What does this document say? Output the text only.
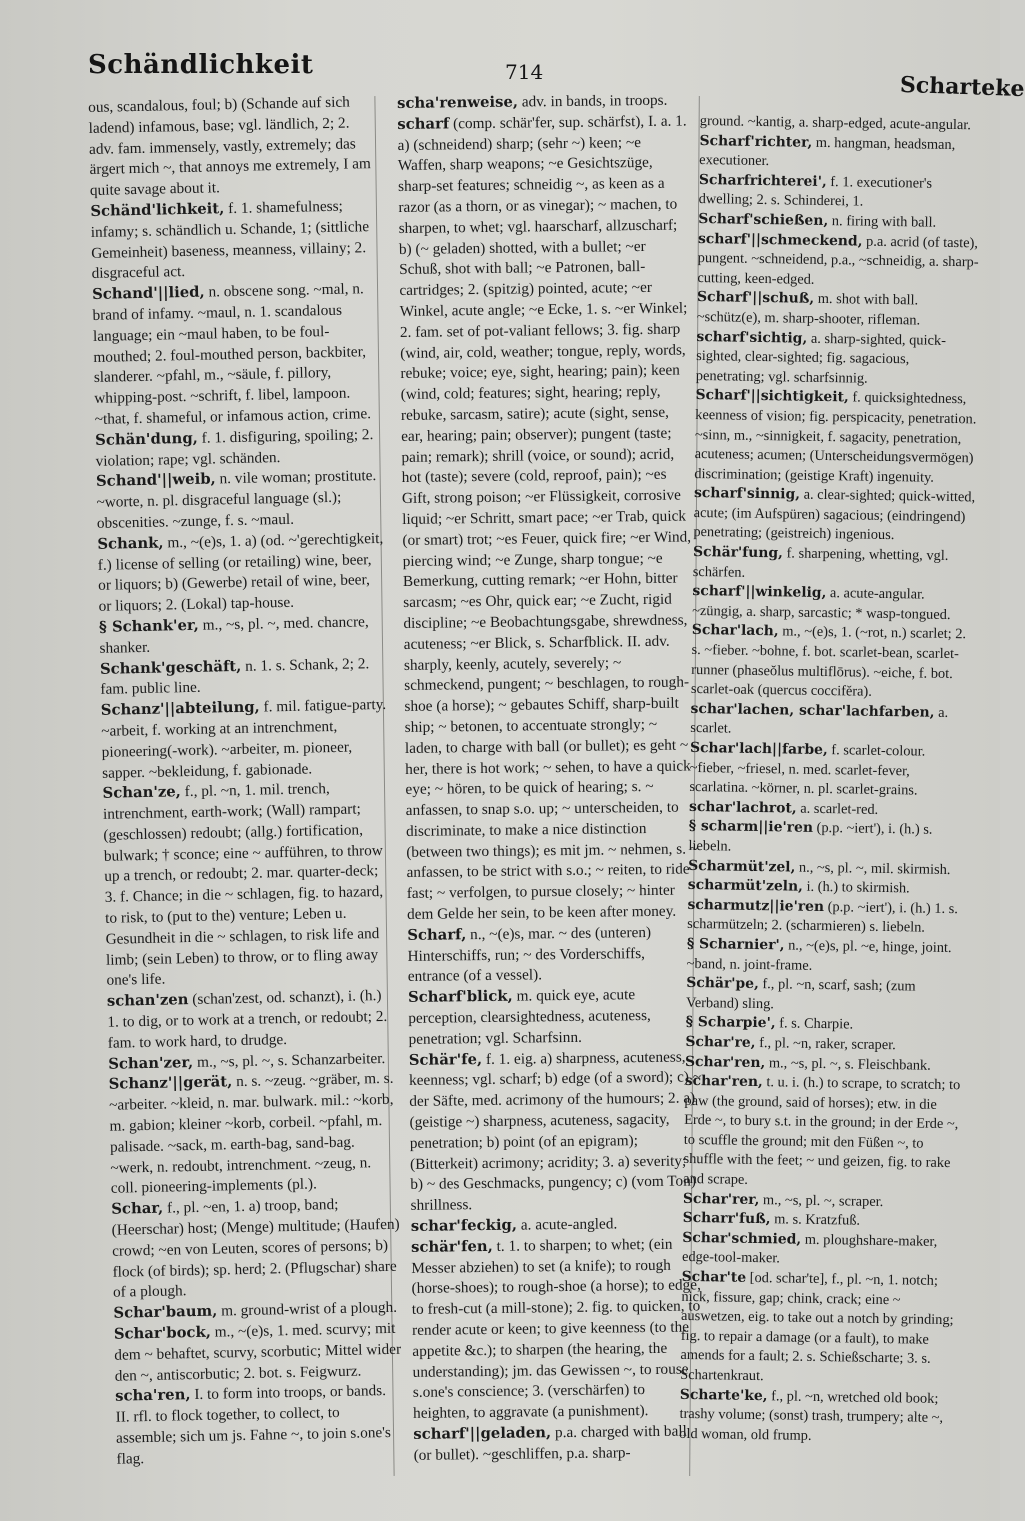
Schändlichkeit	714	Scharteke

ous, scandalous, foul; b) (Schande auf sich ladend) infamous, base; vgl. ländlich, 2; 2. adv. fam. immensely, vastly, extremely; das ärgert mich ~, that annoys me extremely, I am quite savage about it.

Schänd'lichkeit, f. 1. shamefulness; infamy; s. schändlich u. Schande, 1; (sittliche Gemeinheit) baseness, meanness, villainy; 2. disgraceful act.

Schand'||lied, n. obscene song. ~mal, n. brand of infamy. ~maul, n. 1. scandalous language; ein ~maul haben, to be foul-mouthed; 2. foul-mouthed person, backbiter, slanderer. ~pfahl, m., ~säule, f. pillory, whipping-post. ~schrift, f. libel, lampoon. ~that, f. shameful, or infamous action, crime.

Schän'dung, f. 1. disfiguring, spoiling; 2. violation; rape; vgl. schänden.

Schand'||weib, n. vile woman; prostitute. ~worte, n. pl. disgraceful language (sl.); obscenities. ~zunge, f. s. ~maul.

Schank, m., ~(e)s, 1. a) (od. ~'gerechtigkeit, f.) license of selling (or retailing) wine, beer, or liquors; b) (Gewerbe) retail of wine, beer, or liquors; 2. (Lokal) tap-house.

§ Schank'er, m., ~s, pl. ~, med. chancre, shanker.

Schank'geschäft, n. 1. s. Schank, 2; 2. fam. public line.

Schanz'||abteilung, f. mil. fatigue-party. ~arbeit, f. working at an intrenchment, pioneering(-work). ~arbeiter, m. pioneer, sapper. ~bekleidung, f. gabionade.

Schan'ze, f., pl. ~n, 1. mil. trench, intrenchment, earth-work; (Wall) rampart; (geschlossen) redoubt; (allg.) fortification, bulwark; † sconce; eine ~ aufführen, to throw up a trench, or redoubt; 2. mar. quarter-deck; 3. f. Chance; in die ~ schlagen, fig. to hazard, to risk, to (put to the) venture; Leben u. Gesundheit in die ~ schlagen, to risk life and limb; (sein Leben) to throw, or to fling away one's life.

schan'zen (schan'zest, od. schanzt), i. (h.) 1. to dig, or to work at a trench, or redoubt; 2. fam. to work hard, to drudge.

Schan'zer, m., ~s, pl. ~, s. Schanzarbeiter.

Schanz'||gerät, n. s. ~zeug. ~gräber, m. s. ~arbeiter. ~kleid, n. mar. bulwark. mil.: ~korb, m. gabion; kleiner ~korb, corbeil. ~pfahl, m. palisade. ~sack, m. earth-bag, sand-bag. ~werk, n. redoubt, intrenchment. ~zeug, n. coll. pioneering-implements (pl.).

Schar, f., pl. ~en, 1. a) troop, band; (Heerschar) host; (Menge) multitude; (Haufen) crowd; ~en von Leuten, scores of persons; b) flock (of birds); sp. herd; 2. (Pflugschar) share of a plough.

Schar'baum, m. ground-wrist of a plough.

Schar'bock, m., ~(e)s, 1. med. scurvy; mit dem ~ behaftet, scurvy, scorbutic; Mittel wider den ~, antiscorbutic; 2. bot. s. Feigwurz.

scha'ren, I. to form into troops, or bands. II. rfl. to flock together, to collect, to assemble; sich um js. Fahne ~, to join s.one's flag.

scha'renweise, adv. in bands, in troops.

scharf (comp. schär'fer, sup. schärfst), I. a. 1. a) (schneidend) sharp; (sehr ~) keen; ~e Waffen, sharp weapons; ~e Gesichtszüge, sharp-set features; schneidig ~, as keen as a razor (as a thorn, or as vinegar); ~ machen, to sharpen, to whet; vgl. haarscharf, allzuscharf; b) (~ geladen) shotted, with a bullet; ~er Schuß, shot with ball; ~e Patronen, ball-cartridges; 2. (spitzig) pointed, acute; ~er Winkel, acute angle; ~e Ecke, 1. s. ~er Winkel; 2. fam. set of pot-valiant fellows; 3. fig. sharp (wind, air, cold, weather; tongue, reply, words, rebuke; voice; eye, sight, hearing; pain); keen (wind, cold; features; sight, hearing; reply, rebuke, sarcasm, satire); acute (sight, sense, ear, hearing; pain; observer); pungent (taste; pain; remark); shrill (voice, or sound); acrid, hot (taste); severe (cold, reproof, pain); ~es Gift, strong poison; ~er Flüssigkeit, corrosive liquid; ~er Schritt, smart pace; ~er Trab, quick (or smart) trot; ~es Feuer, quick fire; ~er Wind, piercing wind; ~e Zunge, sharp tongue; ~e Bemerkung, cutting remark; ~er Hohn, bitter sarcasm; ~es Ohr, quick ear; ~e Zucht, rigid discipline; ~e Beobachtungsgabe, shrewdness, acuteness; ~er Blick, s. Scharfblick. II. adv. sharply, keenly, acutely, severely; ~ schmeckend, pungent; ~ beschlagen, to rough-shoe (a horse); ~ gebautes Schiff, sharp-built ship; ~ betonen, to accentuate strongly; ~ laden, to charge with ball (or bullet); es geht ~ her, there is hot work; ~ sehen, to have a quick eye; ~ hören, to be quick of hearing; s. ~ anfassen, to snap s.o. up; ~ unterscheiden, to discriminate, to make a nice distinction (between two things); es mit jm. ~ nehmen, s. ~ anfassen, to be strict with s.o.; ~ reiten, to ride fast; ~ verfolgen, to pursue closely; ~ hinter dem Gelde her sein, to be keen after money.

Scharf, n., ~(e)s, mar. ~ des (unteren) Hinterschiffs, run; ~ des Vorderschiffs, entrance (of a vessel).

Scharf'blick, m. quick eye, acute perception, clearsightedness, acuteness, penetration; vgl. Scharfsinn.

Schär'fe, f. 1. eig. a) sharpness, acuteness, keenness; vgl. scharf; b) edge (of a sword); c) ~ der Säfte, med. acrimony of the humours; 2. a) (geistige ~) sharpness, acuteness, sagacity, penetration; b) point (of an epigram); (Bitterkeit) acrimony; acridity; 3. a) severity; b) ~ des Geschmacks, pungency; c) (vom Ton) shrillness.

schar'feckig, a. acute-angled.

schär'fen, t. 1. to sharpen; to whet; (ein Messer abziehen) to set (a knife); to rough (horse-shoes); to rough-shoe (a horse); to edge, to fresh-cut (a mill-stone); 2. fig. to quicken, to render acute or keen; to give keenness (to the appetite &c.); to sharpen (the hearing, the understanding); jm. das Gewissen ~, to rouse s.one's conscience; 3. (verschärfen) to heighten, to aggravate (a punishment).

scharf'||geladen, p.a. charged with ball (or bullet). ~geschliffen, p.a. sharp-

ground. ~kantig, a. sharp-edged, acute-angular.

Scharf'richter, m. hangman, headsman, executioner.

Scharfrichterei', f. 1. executioner's dwelling; 2. s. Schinderei, 1.

Scharf'schießen, n. firing with ball.

scharf'||schmeckend, p.a. acrid (of taste), pungent. ~schneidend, p.a., ~schneidig, a. sharp-cutting, keen-edged.

Scharf'||schuß, m. shot with ball. ~schütz(e), m. sharp-shooter, rifleman.

scharf'sichtig, a. sharp-sighted, quick-sighted, clear-sighted; fig. sagacious, penetrating; vgl. scharfsinnig.

Scharf'||sichtigkeit, f. quicksightedness, keenness of vision; fig. perspicacity, penetration. ~sinn, m., ~sinnigkeit, f. sagacity, penetration, acuteness; acumen; (Unterscheidungsvermögen) discrimination; (geistige Kraft) ingenuity.

scharf'sinnig, a. clear-sighted; quick-witted, acute; (im Aufspüren) sagacious; (eindringend) penetrating; (geistreich) ingenious.

Schär'fung, f. sharpening, whetting, vgl. schärfen.

scharf'||winkelig, a. acute-angular. ~züngig, a. sharp, sarcastic; * wasp-tongued.

Schar'lach, m., ~(e)s, 1. (~rot, n.) scarlet; 2. s. ~fieber. ~bohne, f. bot. scarlet-bean, scarlet-runner (phaseŏlus multiflōrus). ~eiche, f. bot. scarlet-oak (quercus coccifĕra).

schar'lachen, schar'lachfarben, a. scarlet.

Schar'lach||farbe, f. scarlet-colour. ~fieber, ~friesel, n. med. scarlet-fever, scarlatina. ~körner, n. pl. scarlet-grains.

schar'lachrot, a. scarlet-red.

§ scharm||ie'ren (p.p. ~iert'), i. (h.) s. liebeln.

Scharmüt'zel, n., ~s, pl. ~, mil. skirmish.

scharmüt'zeln, i. (h.) to skirmish.

scharmutz||ie'ren (p.p. ~iert'), i. (h.) 1. s. scharmützeln; 2. (scharmieren) s. liebeln.

§ Scharnier', n., ~(e)s, pl. ~e, hinge, joint. ~band, n. joint-frame.

Schär'pe, f., pl. ~n, scarf, sash; (zum Verband) sling.

§ Scharpie', f. s. Charpie.

Schar're, f., pl. ~n, raker, scraper.

Schar'ren, m., ~s, pl. ~, s. Fleischbank.

schar'ren, t. u. i. (h.) to scrape, to scratch; to paw (the ground, said of horses); etw. in die Erde ~, to bury s.t. in the ground; in der Erde ~, to scuffle the ground; mit den Füßen ~, to shuffle with the feet; ~ und geizen, fig. to rake and scrape.

Schar'rer, m., ~s, pl. ~, scraper.

Scharr'fuß, m. s. Kratzfuß.

Schar'schmied, m. ploughshare-maker, edge-tool-maker.

Schar'te [od. schar'te], f., pl. ~n, 1. notch; nick, fissure, gap; chink, crack; eine ~ auswetzen, eig. to take out a notch by grinding; fig. to repair a damage (or a fault), to make amends for a fault; 2. s. Schießscharte; 3. s. Schartenkraut.

Scharte'ke, f., pl. ~n, wretched old book; trashy volume; (sonst) trash, trumpery; alte ~, old woman, old frump.
